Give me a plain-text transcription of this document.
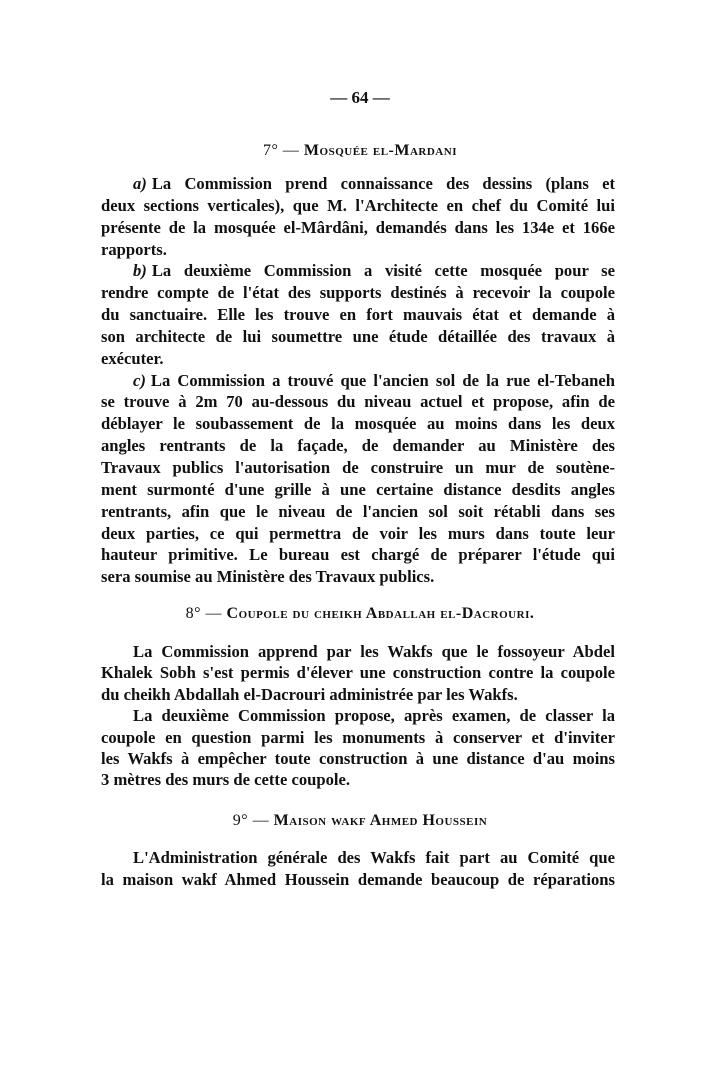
— 64 —
7° — Mosquée el-Mardani
a) La Commission prend connaissance des dessins (plans et
deux sections verticales), que M. l'Architecte en chef du Comité lui
présente de la mosquée el-Mârdâni, demandés dans les 134e et 166e
rapports.
b) La deuxième Commission a visité cette mosquée pour se
rendre compte de l'état des supports destinés à recevoir la coupole
du sanctuaire. Elle les trouve en fort mauvais état et demande à
son architecte de lui soumettre une étude détaillée des travaux à
exécuter.
c) La Commission a trouvé que l'ancien sol de la rue el-Tebaneh
se trouve à 2m 70 au-dessous du niveau actuel et propose, afin de
déblayer le soubassement de la mosquée au moins dans les deux
angles rentrants de la façade, de demander au Ministère des
Travaux publics l'autorisation de construire un mur de soutène-
ment surmonté d'une grille à une certaine distance desdits angles
rentrants, afin que le niveau de l'ancien sol soit rétabli dans ses
deux parties, ce qui permettra de voir les murs dans toute leur
hauteur primitive. Le bureau est chargé de préparer l'étude qui
sera soumise au Ministère des Travaux publics.
8° — Coupole du cheikh Abdallah el-Dacrouri.
La Commission apprend par les Wakfs que le fossoyeur Abdel
Khalek Sobh s'est permis d'élever une construction contre la coupole
du cheikh Abdallah el-Dacrouri administrée par les Wakfs.
La deuxième Commission propose, après examen, de classer la
coupole en question parmi les monuments à conserver et d'inviter
les Wakfs à empêcher toute construction à une distance d'au moins
3 mètres des murs de cette coupole.
9° — Maison wakf Ahmed Houssein
L'Administration générale des Wakfs fait part au Comité que
la maison wakf Ahmed Houssein demande beaucoup de réparations
